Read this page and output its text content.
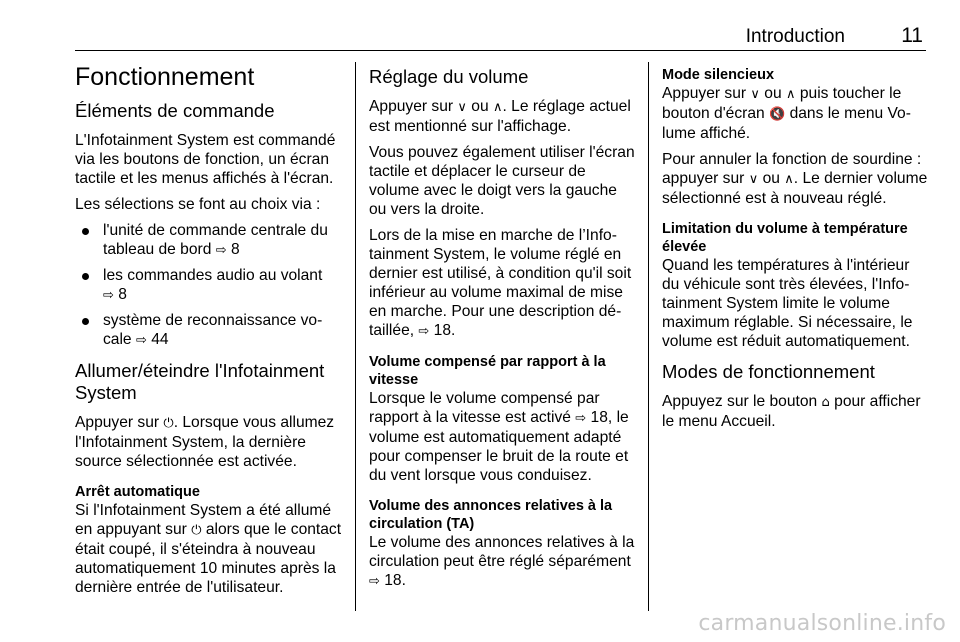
Introduction	11
Fonctionnement
Éléments de commande

L'Infotainment System est commandé via les boutons de fonction, un écran tactile et les menus affichés à l'écran.

Les sélections se font au choix via :

l'unité de commande centrale du tableau de bord ⇨ 8
les commandes audio au volant
⇨ 8
système de reconnaissance vocale ⇨ 44
Allumer/éteindre l'Infotainment System

Appuyer sur ⏻. Lorsque vous allumez l'Infotainment System, la dernière source sélectionnée est activée.

Arrêt automatique

Si l'Infotainment System a été allumé en appuyant sur ⏻ alors que le contact était coupé, il s'éteindra à nouveau automatiquement 10 minutes après la dernière entrée de l'utilisateur.

Réglage du volume

Appuyer sur ∨ ou ∧. Le réglage actuel est mentionné sur l'affichage.

Vous pouvez également utiliser l'écran tactile et déplacer le curseur de volume avec le doigt vers la gauche ou vers la droite.

Lors de la mise en marche de l’Infotainment System, le volume réglé en dernier est utilisé, à condition qu'il soit inférieur au volume maximal de mise en marche. Pour une description détaillée, ⇨ 18.

Volume compensé par rapport à la vitesse

Lorsque le volume compensé par rapport à la vitesse est activé ⇨ 18, le volume est automatiquement adapté pour compenser le bruit de la route et du vent lorsque vous conduisez.

Volume des annonces relatives à la circulation (TA)

Le volume des annonces relatives à la circulation peut être réglé séparément ⇨ 18.

Mode silencieux

Appuyer sur ∨ ou ∧ puis toucher le bouton d'écran 🔇 dans le menu Volume affiché.

Pour annuler la fonction de sourdine : appuyer sur ∨ ou ∧. Le dernier volume sélectionné est à nouveau réglé.

Limitation du volume à température élevée

Quand les températures à l'intérieur du véhicule sont très élevées, l'Infotainment System limite le volume maximum réglable. Si nécessaire, le volume est réduit automatiquement.

Modes de fonctionnement

Appuyez sur le bouton ⌂ pour afficher le menu Accueil.

carmanualsonline.info
